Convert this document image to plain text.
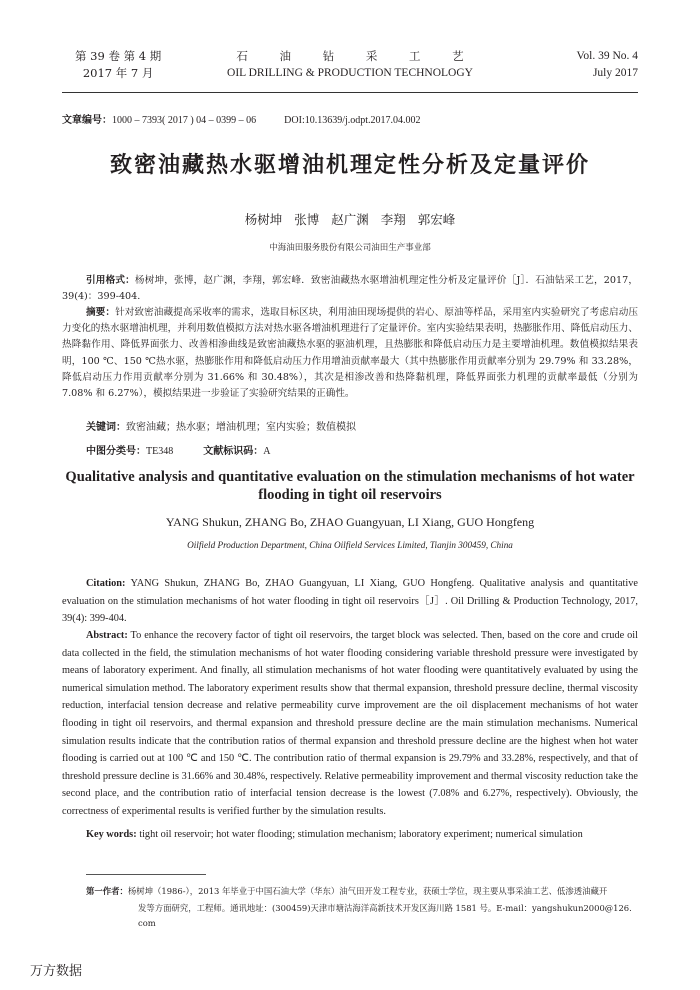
第 39 卷 第 4 期
2017 年 7 月
石 油 钻 采 工 艺
OIL DRILLING & PRODUCTION TECHNOLOGY
Vol. 39 No. 4
July 2017
文章编号：1000 – 7393( 2017 ) 04 – 0399 – 06	DOI:10.13639/j.odpt.2017.04.002
致密油藏热水驱增油机理定性分析及定量评价
杨树坤 张博 赵广渊 李翔 郭宏峰
中海油田服务股份有限公司油田生产事业部
引用格式：杨树坤，张博，赵广渊，李翔，郭宏峰．致密油藏热水驱增油机理定性分析及定量评价［J］．石油钻采工艺，2017，39(4)：399-404.
摘要：针对致密油藏提高采收率的需求，选取目标区块，利用油田现场提供的岩心、原油等样品，采用室内实验研究了考虑启动压力变化的热水驱增油机理，并利用数值模拟方法对热水驱各增油机理进行了定量评价。室内实验结果表明，热膨胀作用、降低启动压力、热降黏作用、降低界面张力、改善相渗曲线是致密油藏热水驱的驱油机理，且热膨胀和降低启动压力是主要增油机理。数值模拟结果表明，100 ℃、150 ℃热水驱，热膨胀作用和降低启动压力作用增油贡献率最大（其中热膨胀作用贡献率分别为 29.79% 和 33.28%，降低启动压力作用贡献率分别为 31.66% 和 30.48%），其次是相渗改善和热降黏机理，降低界面张力机理的贡献率最低（分别为 7.08% 和 6.27%），模拟结果进一步验证了实验研究结果的正确性。
关键词：致密油藏；热水驱；增油机理；室内实验；数值模拟
中图分类号：TE348	文献标识码：A
Qualitative analysis and quantitative evaluation on the stimulation mechanisms of hot water flooding in tight oil reservoirs
YANG Shukun, ZHANG Bo, ZHAO Guangyuan, LI Xiang, GUO Hongfeng
Oilfield Production Department, China Oilfield Services Limited, Tianjin 300459, China
Citation: YANG Shukun, ZHANG Bo, ZHAO Guangyuan, LI Xiang, GUO Hongfeng. Qualitative analysis and quantitative evaluation on the stimulation mechanisms of hot water flooding in tight oil reservoirs［J］. Oil Drilling & Production Technology, 2017, 39(4): 399-404.
Abstract: To enhance the recovery factor of tight oil reservoirs, the target block was selected. Then, based on the core and crude oil data collected in the field, the stimulation mechanisms of hot water flooding considering variable threshold pressure were investigated by means of laboratory experiment. And finally, all stimulation mechanisms of hot water flooding were quantitatively evaluated by using the numerical simulation method. The laboratory experiment results show that thermal expansion, threshold pressure decline, thermal viscosity reduction, interfacial tension decrease and relative permeability curve improvement are the oil displacement mechanisms of hot water flooding in tight oil reservoirs, and thermal expansion and threshold pressure decline are the main stimulation mechanisms. Numerical simulation results indicate that the contribution ratios of thermal expansion and threshold pressure decline are the highest when hot water flooding is carried out at 100 ℃ and 150 ℃. The contribution ratio of thermal expansion is 29.79% and 33.28%, respectively, and that of threshold pressure decline is 31.66% and 30.48%, respectively. Relative permeability improvement and thermal viscosity reduction take the second place, and the contribution ratio of interfacial tension decrease is the lowest (7.08% and 6.27%, respectively). Obviously, the correctness of experimental results is verified further by the simulation results.
Key words: tight oil reservoir; hot water flooding; stimulation mechanism; laboratory experiment; numerical simulation
第一作者：杨树坤（1986-），2013 年毕业于中国石油大学（华东）油气田开发工程专业，获硕士学位，现主要从事采油工艺、低渗透油藏开
发等方面研究，工程师。通讯地址：(300459)天津市塘沽海洋高新技术开发区海川路 1581 号。E-mail：yangshukun2000@126.
com
万方数据
